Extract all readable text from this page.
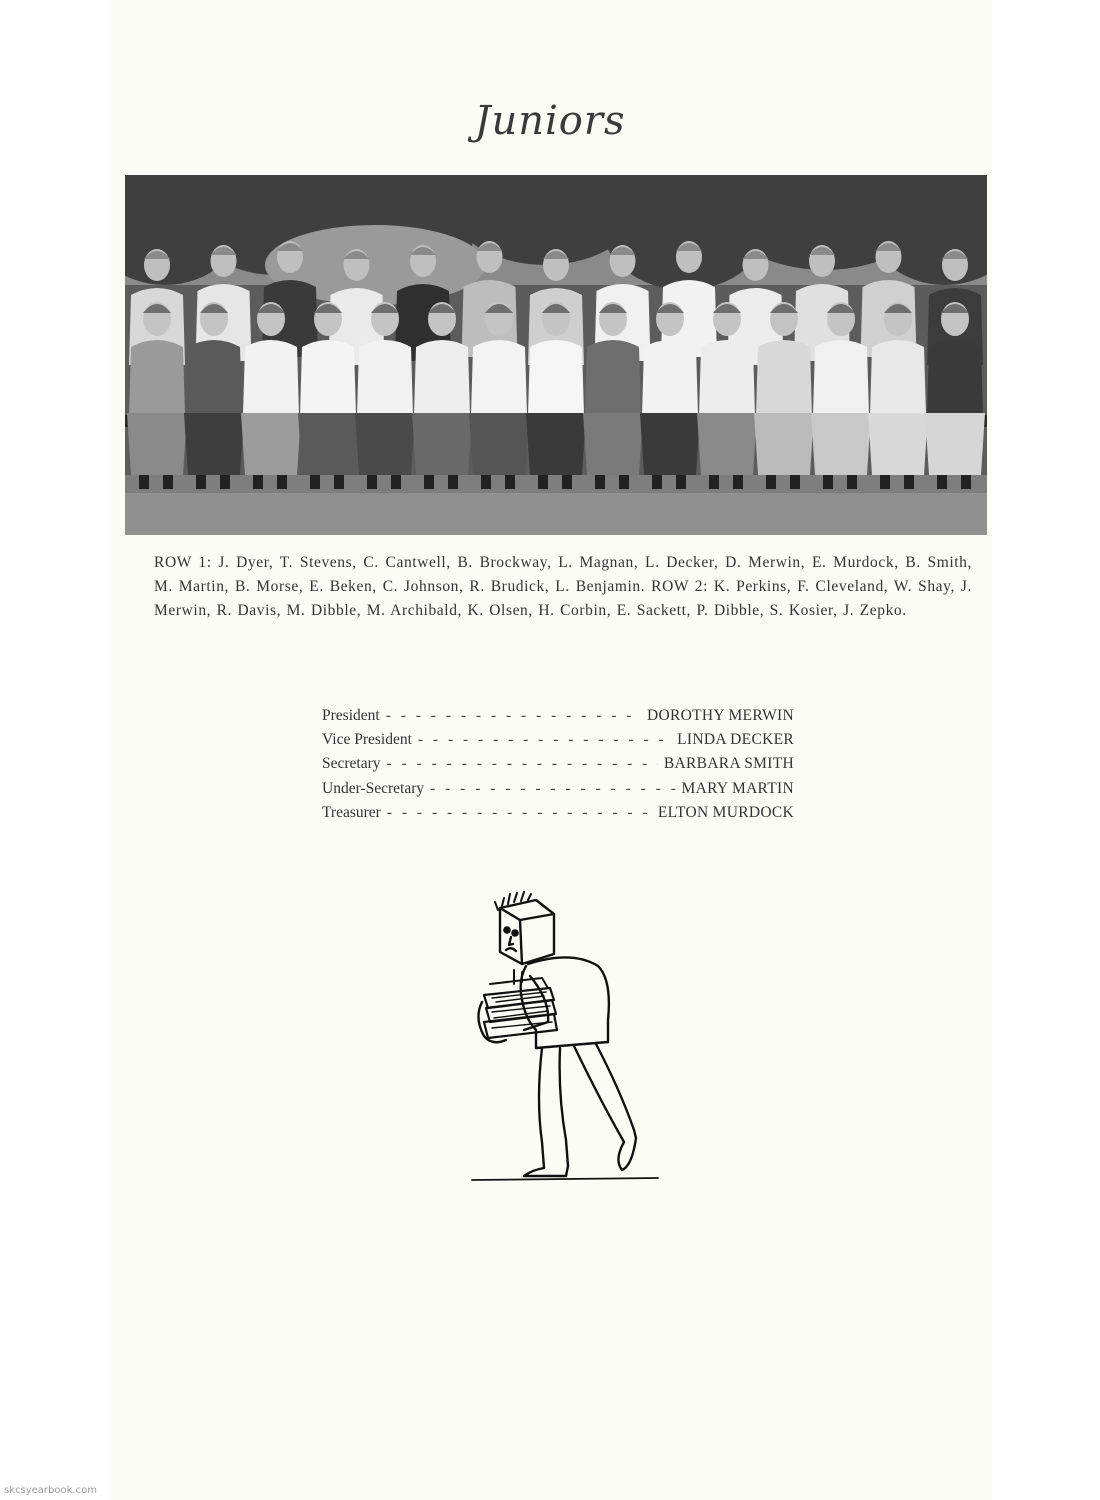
Juniors
ROW 1: J. Dyer, T. Stevens, C. Cantwell, B. Brockway, L. Magnan, L. Decker, D. Merwin, E. Murdock, B. Smith, M. Martin, B. Morse, E. Beken, C. Johnson, R. Brudick, L. Benjamin. ROW 2: K. Perkins, F. Cleveland, W. Shay, J. Merwin, R. Davis, M. Dibble, M. Archibald, K. Olsen, H. Corbin, E. Sackett, P. Dibble, S. Kosier, J. Zepko.
President - - -	DOROTHY MERWIN
Vice President - - -	LINDA DECKER
Secretary - - -	BARBARA SMITH
Under-Secretary - - -	MARY MARTIN
Treasurer - - -	ELTON MURDOCK
skcsyearbook.com
